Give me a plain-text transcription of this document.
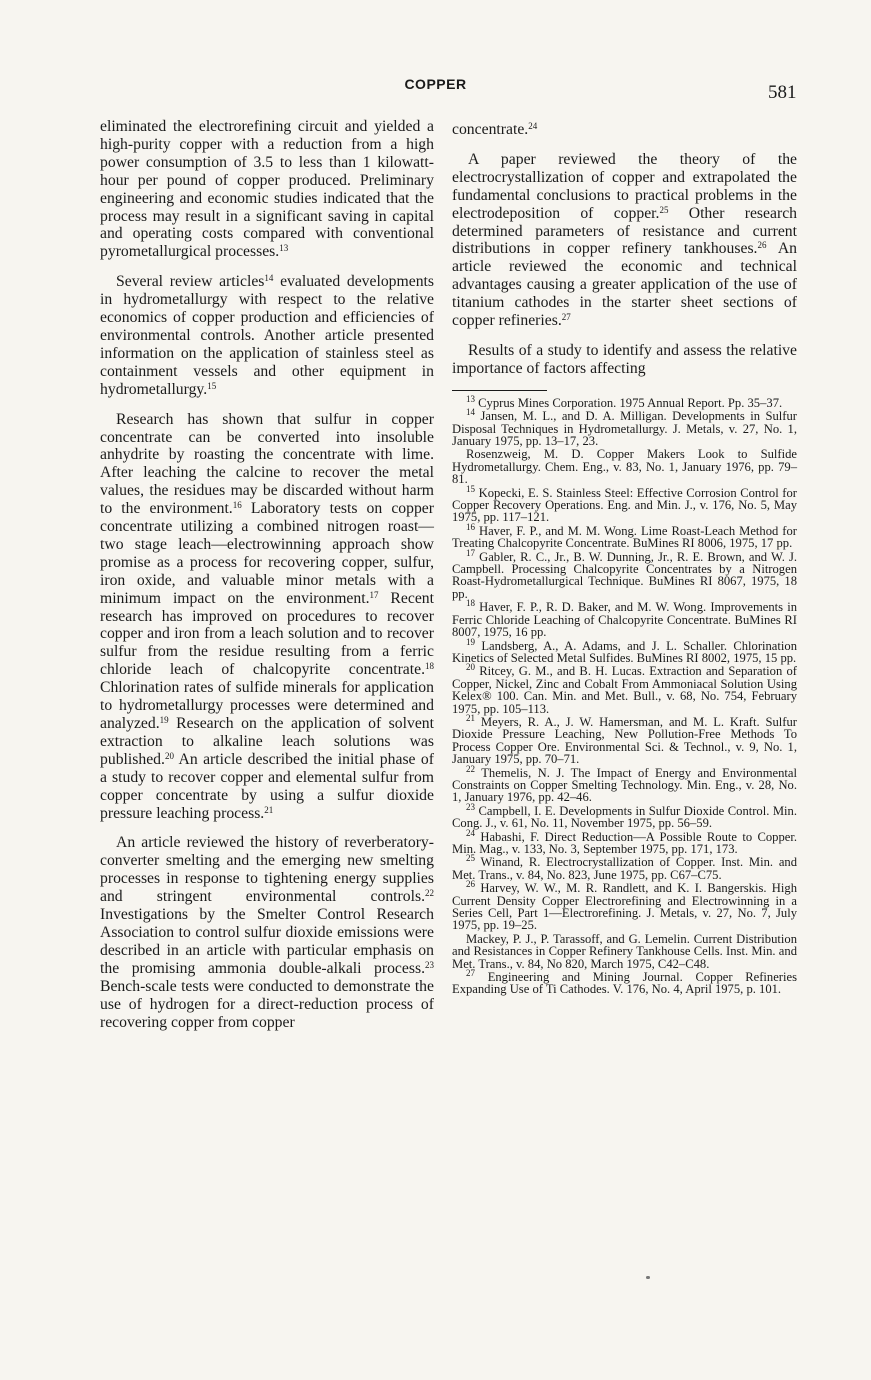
COPPER	581

eliminated the electrorefining circuit and yielded a high-purity copper with a reduction from a high power consumption of 3.5 to less than 1 kilowatt-hour per pound of copper produced. Preliminary engineering and economic studies indicated that the process may result in a significant saving in capital and operating costs compared with conventional pyrometallurgical processes.$^{13}$

Several review articles$^{14}$ evaluated developments in hydrometallurgy with respect to the relative economics of copper production and efficiencies of environmental controls. Another article presented information on the application of stainless steel as containment vessels and other equipment in hydrometallurgy.$^{15}$

Research has shown that sulfur in copper concentrate can be converted into insoluble anhydrite by roasting the concentrate with lime. After leaching the calcine to recover the metal values, the residues may be discarded without harm to the environment.$^{16}$ Laboratory tests on copper concentrate utilizing a combined nitrogen roast—two stage leach—electrowinning approach show promise as a process for recovering copper, sulfur, iron oxide, and valuable minor metals with a minimum impact on the environment.$^{17}$ Recent research has improved on procedures to recover copper and iron from a leach solution and to recover sulfur from the residue resulting from a ferric chloride leach of chalcopyrite concentrate.$^{18}$ Chlorination rates of sulfide minerals for application to hydrometallurgy processes were determined and analyzed.$^{19}$ Research on the application of solvent extraction to alkaline leach solutions was published.$^{20}$ An article described the initial phase of a study to recover copper and elemental sulfur from copper concentrate by using a sulfur dioxide pressure leaching process.$^{21}$

An article reviewed the history of reverberatory-converter smelting and the emerging new smelting processes in response to tightening energy supplies and stringent environmental controls.$^{22}$ Investigations by the Smelter Control Research Association to control sulfur dioxide emissions were described in an article with particular emphasis on the promising ammonia double-alkali process.$^{23}$ Bench-scale tests were conducted to demonstrate the use of hydrogen for a direct-reduction process of recovering copper from copper

concentrate.$^{24}$

A paper reviewed the theory of the electrocrystallization of copper and extrapolated the fundamental conclusions to practical problems in the electrodeposition of copper.$^{25}$ Other research determined parameters of resistance and current distributions in copper refinery tankhouses.$^{26}$ An article reviewed the economic and technical advantages causing a greater application of the use of titanium cathodes in the starter sheet sections of copper refineries.$^{27}$

Results of a study to identify and assess the relative importance of factors affecting

$^{13}$ Cyprus Mines Corporation. 1975 Annual Report. Pp. 35–37.

$^{14}$ Jansen, M. L., and D. A. Milligan. Developments in Sulfur Disposal Techniques in Hydrometallurgy. J. Metals, v. 27, No. 1, January 1975, pp. 13–17, 23.

Rosenzweig, M. D. Copper Makers Look to Sulfide Hydrometallurgy. Chem. Eng., v. 83, No. 1, January 1976, pp. 79–81.

$^{15}$ Kopecki, E. S. Stainless Steel: Effective Corrosion Control for Copper Recovery Operations. Eng. and Min. J., v. 176, No. 5, May 1975, pp. 117–121.

$^{16}$ Haver, F. P., and M. M. Wong. Lime Roast-Leach Method for Treating Chalcopyrite Concentrate. BuMines RI 8006, 1975, 17 pp.

$^{17}$ Gabler, R. C., Jr., B. W. Dunning, Jr., R. E. Brown, and W. J. Campbell. Processing Chalcopyrite Concentrates by a Nitrogen Roast-Hydrometallurgical Technique. BuMines RI 8067, 1975, 18 pp.

$^{18}$ Haver, F. P., R. D. Baker, and M. W. Wong. Improvements in Ferric Chloride Leaching of Chalcopyrite Concentrate. BuMines RI 8007, 1975, 16 pp.

$^{19}$ Landsberg, A., A. Adams, and J. L. Schaller. Chlorination Kinetics of Selected Metal Sulfides. BuMines RI 8002, 1975, 15 pp.

$^{20}$ Ritcey, G. M., and B. H. Lucas. Extraction and Separation of Copper, Nickel, Zinc and Cobalt From Ammoniacal Solution Using Kelex® 100. Can. Min. and Met. Bull., v. 68, No. 754, February 1975, pp. 105–113.

$^{21}$ Meyers, R. A., J. W. Hamersman, and M. L. Kraft. Sulfur Dioxide Pressure Leaching, New Pollution-Free Methods To Process Copper Ore. Environmental Sci. & Technol., v. 9, No. 1, January 1975, pp. 70–71.

$^{22}$ Themelis, N. J. The Impact of Energy and Environmental Constraints on Copper Smelting Technology. Min. Eng., v. 28, No. 1, January 1976, pp. 42–46.

$^{23}$ Campbell, I. E. Developments in Sulfur Dioxide Control. Min. Cong. J., v. 61, No. 11, November 1975, pp. 56–59.

$^{24}$ Habashi, F. Direct Reduction—A Possible Route to Copper. Min. Mag., v. 133, No. 3, September 1975, pp. 171, 173.

$^{25}$ Winand, R. Electrocrystallization of Copper. Inst. Min. and Met. Trans., v. 84, No. 823, June 1975, pp. C67–C75.

$^{26}$ Harvey, W. W., M. R. Randlett, and K. I. Bangerskis. High Current Density Copper Electrorefining and Electrowinning in a Series Cell, Part 1—Electrorefining. J. Metals, v. 27, No. 7, July 1975, pp. 19–25.

Mackey, P. J., P. Tarassoff, and G. Lemelin. Current Distribution and Resistances in Copper Refinery Tankhouse Cells. Inst. Min. and Met. Trans., v. 84, No 820, March 1975, C42–C48.

$^{27}$ Engineering and Mining Journal. Copper Refineries Expanding Use of Ti Cathodes. V. 176, No. 4, April 1975, p. 101.
